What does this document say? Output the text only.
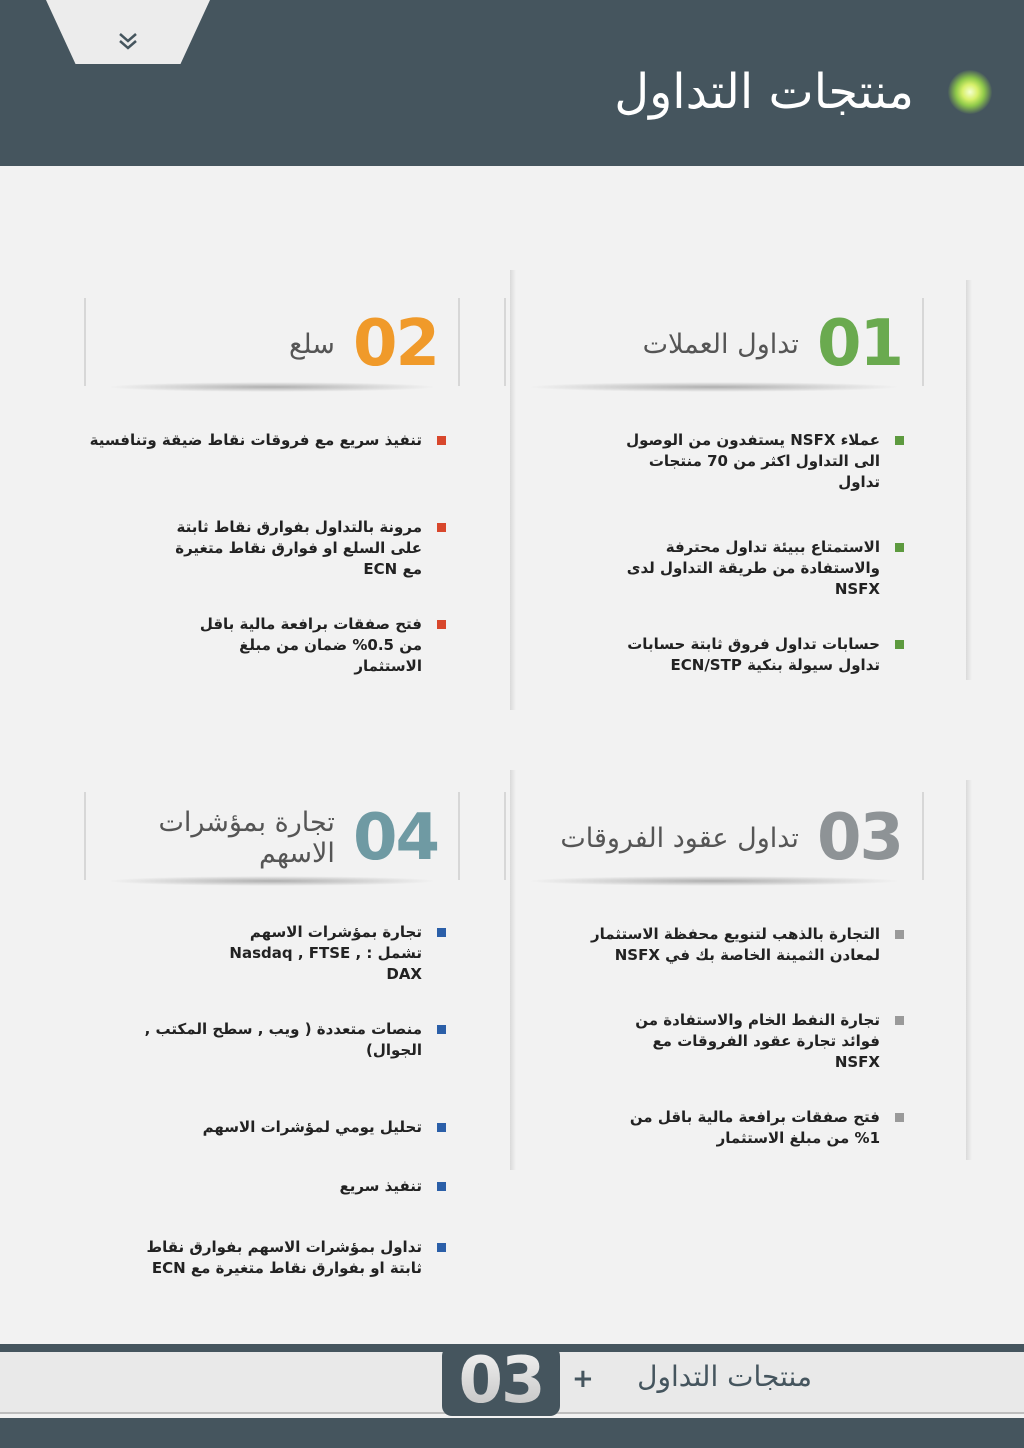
منتجات التداول
01
تداول العملات
عملاء NSFX يستفدون من الوصول الى التداول اكثر من 70 منتجات تداول
الاستمتاع ببيئة تداول محترفة والاستفادة من طريقة التداول لدى NSFX
حسابات تداول فروق ثابتة حسابات تداول سيولة بنكية ECN/STP
02
سلع
تنفيذ سريع مع فروقات نقاط ضيقة وتنافسية
مرونة بالتداول بفوارق نقاط ثابتة على السلع او فوارق نقاط متغيرة مع ECN
فتح صفقات برافعة مالية باقل من 0.5% ضمان من مبلغ الاستثمار
03
تداول عقود الفروقات
التجارة بالذهب لتنويع محفظة الاستثمار لمعادن الثمينة الخاصة بك في NSFX
تجارة النفط الخام والاستفادة من فوائد تجارة عقود الفروقات مع NSFX
فتح صفقات برافعة مالية باقل من 1% من مبلغ الاستثمار
04
تجارة بمؤشرات الاسهم
تجارة بمؤشرات الاسهم تشمل : Nasdaq , FTSE , DAX
منصات متعددة ( ويب , سطح المكتب , الجوال)
تحليل يومي لمؤشرات الاسهم
تنفيذ سريع
تداول بمؤشرات الاسهم بفوارق نقاط ثابتة او بفوارق نقاط متغيرة مع ECN
03 + منتجات التداول
